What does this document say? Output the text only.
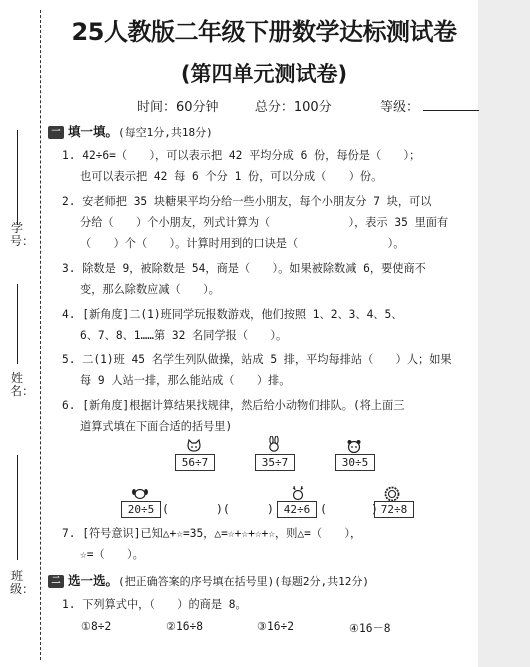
学号：
姓名：
班级：
25人教版二年级下册数学达标测试卷
(第四单元测试卷)
时间：60分钟	总分：100分	等级：
一 填一填。(每空1分,共18分)
1. 42÷6=（　　），可以表示把 42 平均分成 6 份，每份是（　　）；
也可以表示把 42 每 6 个分 1 份，可以分成（　　）份。
2. 安老师把 35 块糖果平均分给一些小朋友，每个小朋友分 7 块，可以
分给（　　）个小朋友，列式计算为（　　　　　　　），表示 35 里面有
（　　）个（　　）。计算时用到的口诀是（　　　　　　　　）。
3. 除数是 9，被除数是 54，商是（　　）。如果被除数减 6，要使商不
变，那么除数应减（　　）。
4. [新角度]二(1)班同学玩报数游戏，他们按照 1、2、3、4、5、
6、7、8、1……第 32 名同学报（　　）。
5. 二(1)班 45 名学生列队做操，站成 5 排，平均每排站（　　）人；如果
每 9 人站一排，那么能站成（　　）排。
6. [新角度]根据计算结果找规律，然后给小动物们排队。(将上面三
道算式填在下面合适的括号里)
56÷7	35÷7	30÷5
20÷5 (	)(	) 42÷6 (	) 72÷8
7. [符号意识]已知△+☆=35，△=☆+☆+☆+☆，则△=（　　），
☆=（　　）。
二 选一选。(把正确答案的序号填在括号里)(每题2分,共12分)
1. 下列算式中，（　　）的商是 8。
①8÷2	②16÷8	③16÷2	④16－8
